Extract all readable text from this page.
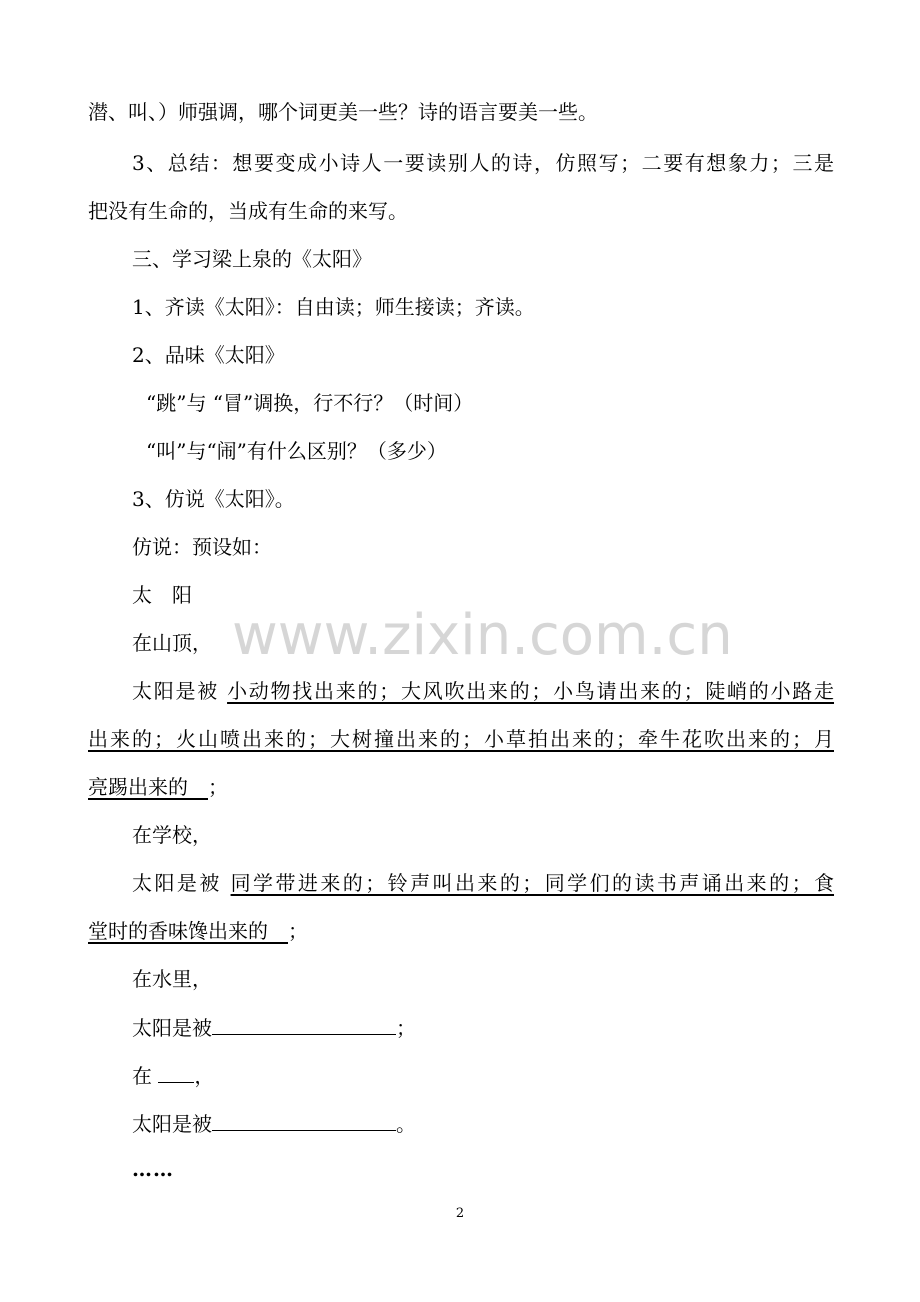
www.zixin.com.cn
潜、叫、）师强调，哪个词更美一些？诗的语言要美一些。
3、总结：想要变成小诗人一要读别人的诗，仿照写；二要有想象力；三是
把没有生命的，当成有生命的来写。
三、学习梁上泉的《太阳》
1、齐读《太阳》：自由读；师生接读；齐读。
2、品味《太阳》
“跳”与 “冒”调换，行不行？（时间）
“叫”与“闹”有什么区别？（多少）
3、仿说《太阳》。
仿说：预设如：
太　阳
在山顶，
太阳是被 小动物找出来的；大风吹出来的；小鸟请出来的；陡峭的小路走
出来的；火山喷出来的；大树撞出来的；小草拍出来的；牵牛花吹出来的；月
亮踢出来的　；
在学校，
太阳是被 同学带进来的；铃声叫出来的；同学们的读书声诵出来的；食
堂时的香味馋出来的　；
在水里，
太阳是被	；
在 ，
太阳是被	。
……
2
